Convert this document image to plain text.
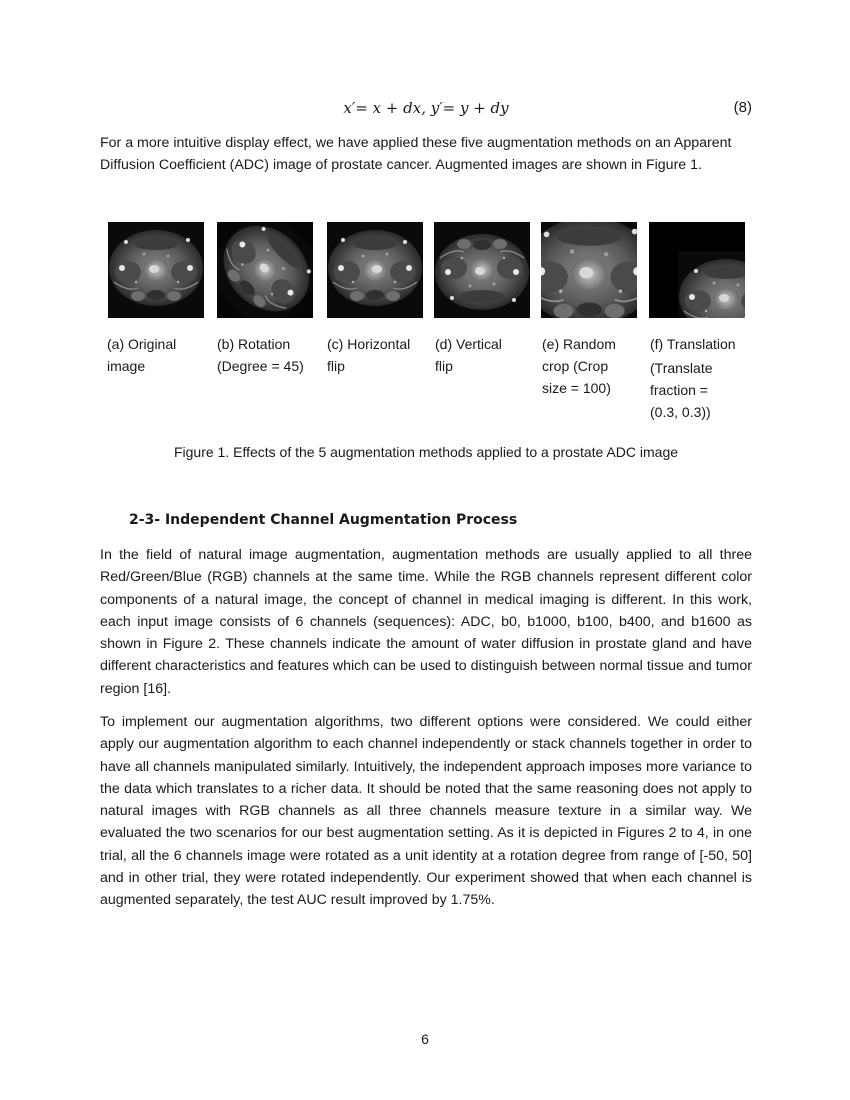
x′= x + dx, y′= y + dy	(8)

For a more intuitive display effect, we have applied these five augmentation methods on an Apparent Diffusion Coefficient (ADC) image of prostate cancer. Augmented images are shown in Figure 1.

(a) Original
image
(b) Rotation
(Degree = 45)
(c) Horizontal
flip
(d) Vertical
flip
(e) Random
crop (Crop
size = 100)
(f) Translation
(Translate
fraction =
(0.3, 0.3))
Figure 1. Effects of the 5 augmentation methods applied to a prostate ADC image
2-3- Independent Channel Augmentation Process

In the field of natural image augmentation, augmentation methods are usually applied to all three Red/Green/Blue (RGB) channels at the same time. While the RGB channels represent different color components of a natural image, the concept of channel in medical imaging is different. In this work, each input image consists of 6 channels (sequences): ADC, b0, b1000, b100, b400, and b1600 as shown in Figure 2. These channels indicate the amount of water diffusion in prostate gland and have different characteristics and features which can be used to distinguish between normal tissue and tumor region [16].

To implement our augmentation algorithms, two different options were considered. We could either apply our augmentation algorithm to each channel independently or stack channels together in order to have all channels manipulated similarly. Intuitively, the independent approach imposes more variance to the data which translates to a richer data. It should be noted that the same reasoning does not apply to natural images with RGB channels as all three channels measure texture in a similar way. We evaluated the two scenarios for our best augmentation setting. As it is depicted in Figures 2 to 4, in one trial, all the 6 channels image were rotated as a unit identity at a rotation degree from range of [-50, 50] and in other trial, they were rotated independently. Our experiment showed that when each channel is augmented separately, the test AUC result improved by 1.75%.

6
